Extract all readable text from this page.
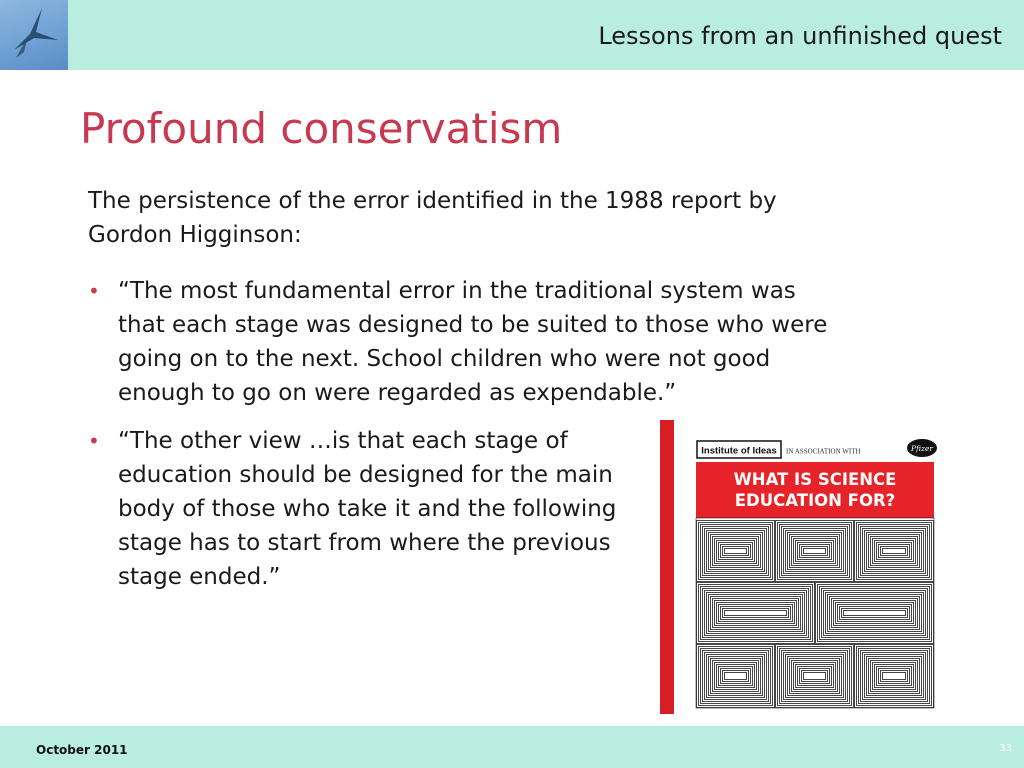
Lessons from an unfinished quest
Profound conservatism
The persistence of the error identified in the 1988 report by Gordon Higginson:
• “The most fundamental error in the traditional system was that each stage was designed to be suited to those who were going on to the next. School children who were not good enough to go on were regarded as expendable.”
• “The other view …is that each stage of education should be designed for the main body of those who take it and the following stage has to start from where the previous stage ended.”
Institute of Ideas IN ASSOCIATION WITH	Pfizer
WHAT IS SCIENCE
EDUCATION FOR?
October 2011	33
